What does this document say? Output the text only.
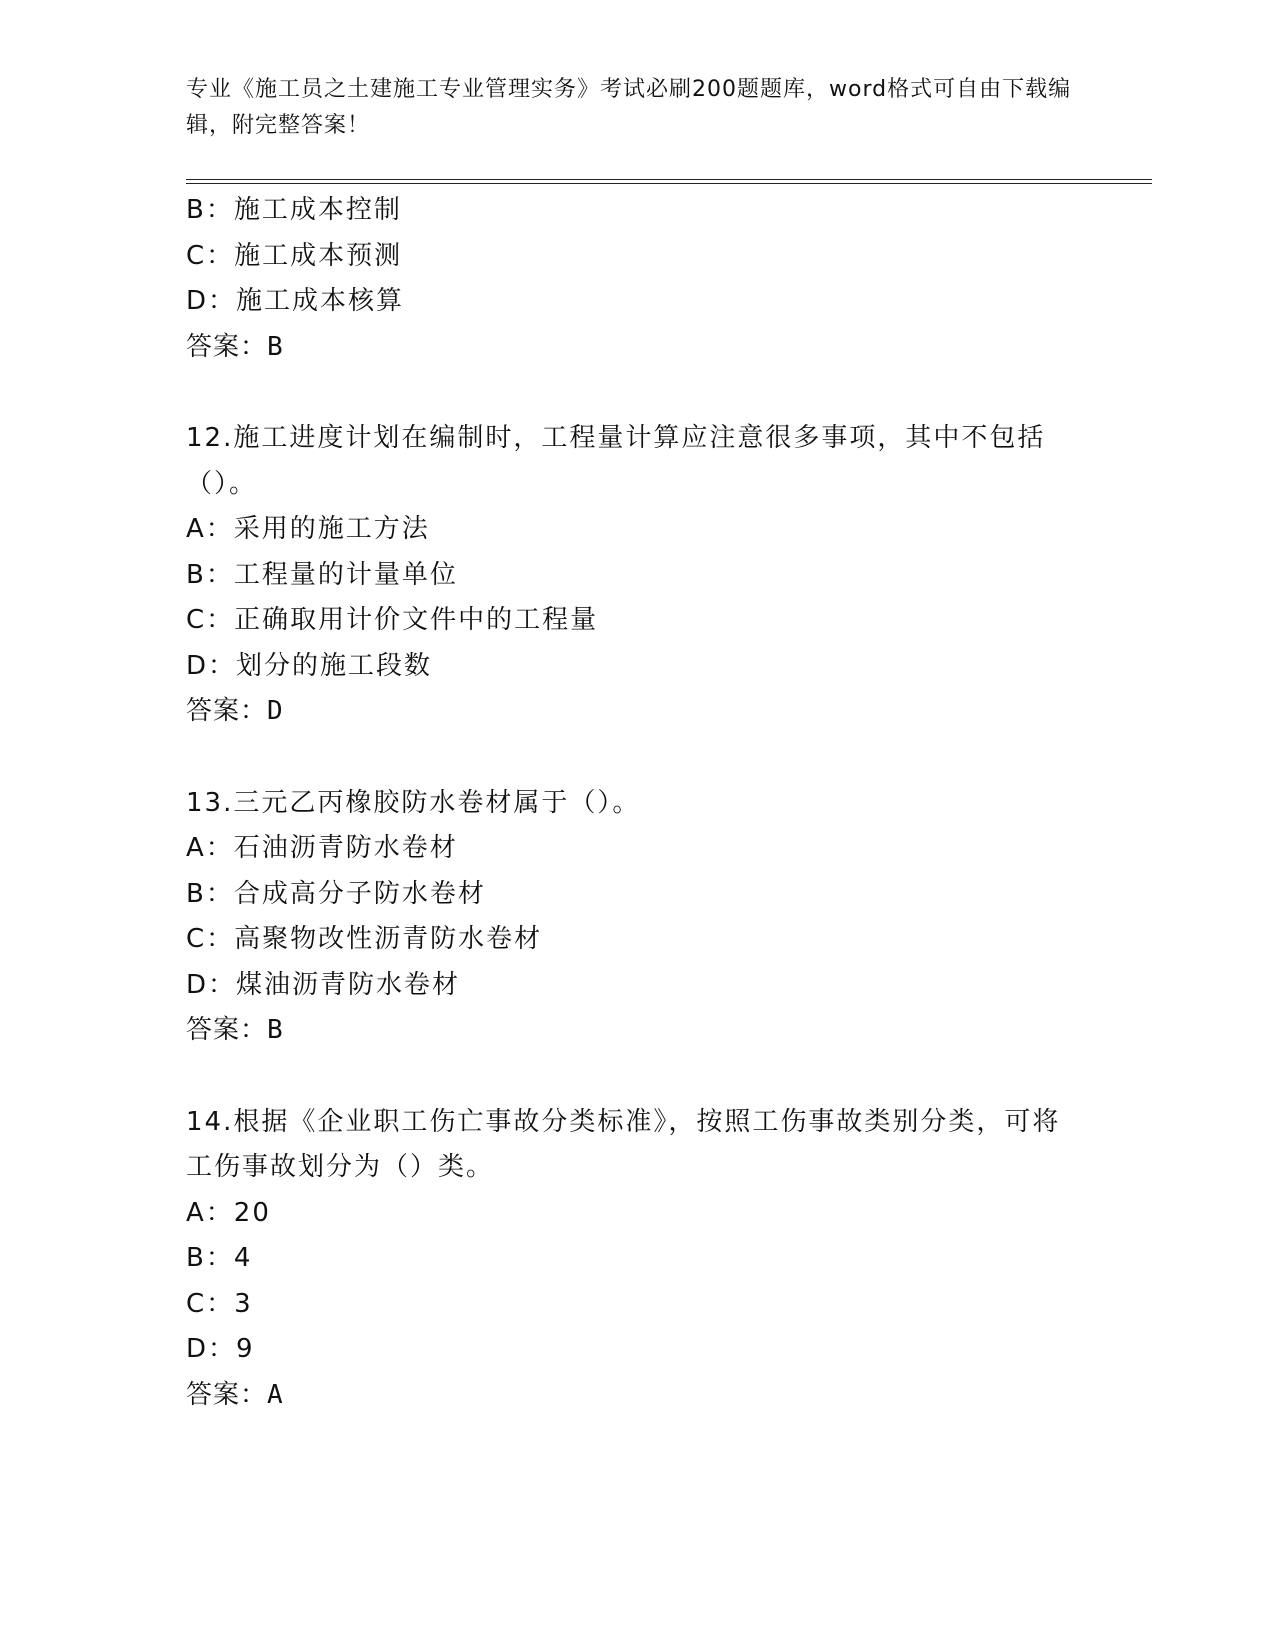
专业《施工员之土建施工专业管理实务》考试必刷200题题库，word格式可自由下载编辑，附完整答案！
B：施工成本控制
C：施工成本预测
D：施工成本核算
答案：B
12.施工进度计划在编制时，工程量计算应注意很多事项，其中不包括（）。
A：采用的施工方法
B：工程量的计量单位
C：正确取用计价文件中的工程量
D：划分的施工段数
答案：D
13.三元乙丙橡胶防水卷材属于（）。
A：石油沥青防水卷材
B：合成高分子防水卷材
C：高聚物改性沥青防水卷材
D：煤油沥青防水卷材
答案：B
14.根据《企业职工伤亡事故分类标准》，按照工伤事故类别分类，可将工伤事故划分为（）类。
A：20
B：4
C：3
D：9
答案：A
